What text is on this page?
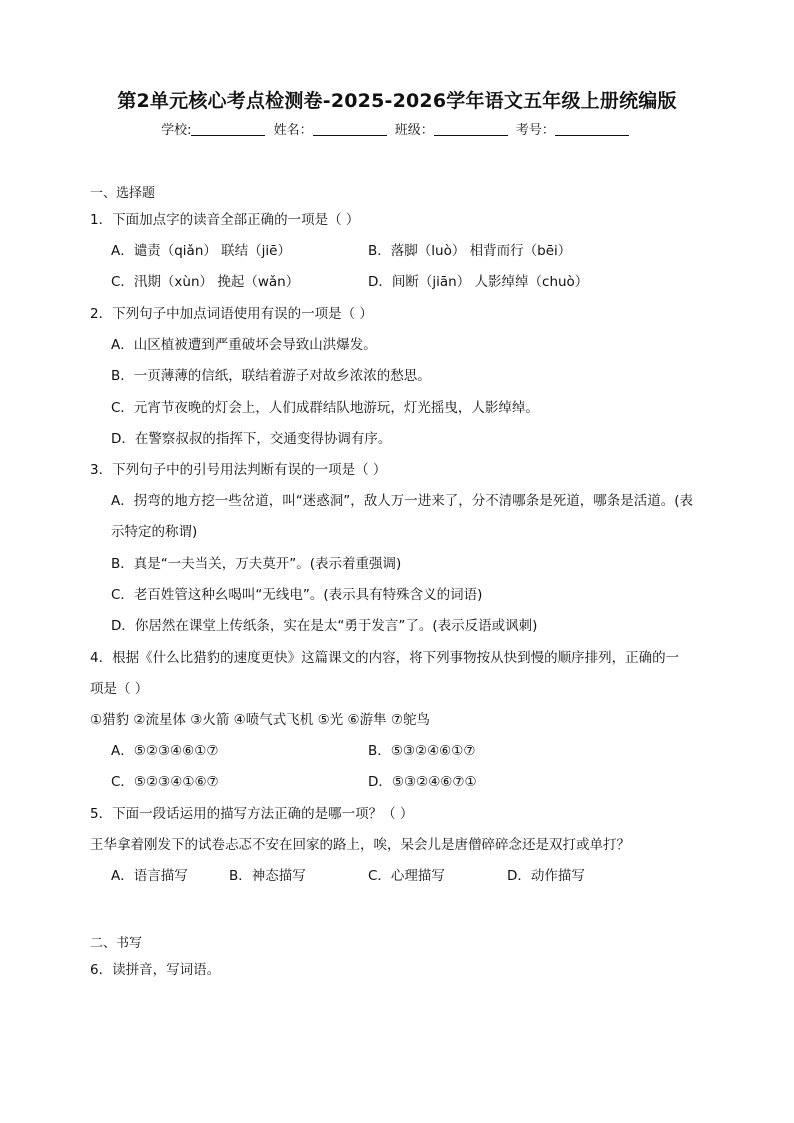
第2单元核心考点检测卷-2025-2026学年语文五年级上册统编版
学校:	姓名：	班级：	考号：
一、选择题
1．下面加点字的读音全部正确的一项是（ ）
A．谴责（qiǎn） 联结（jiē）	B．落脚（luò） 相背而行（bēi）
C．汛期（xùn） 挽起（wǎn）	D．间断（jiān） 人影绰绰（chuò）
2．下列句子中加点词语使用有误的一项是（ ）
A．山区植被遭到严重破坏会导致山洪爆发。
B．一页薄薄的信纸，联结着游子对故乡浓浓的愁思。
C．元宵节夜晚的灯会上，人们成群结队地游玩，灯光摇曳，人影绰绰。
D．在警察叔叔的指挥下，交通变得协调有序。
3．下列句子中的引号用法判断有误的一项是（ ）
A．拐弯的地方挖一些岔道，叫“迷惑洞”，敌人万一进来了，分不清哪条是死道，哪条是活道。(表
示特定的称谓)
B．真是“一夫当关，万夫莫开”。(表示着重强调)
C．老百姓管这种幺喝叫“无线电”。(表示具有特殊含义的词语)
D．你居然在课堂上传纸条，实在是太“勇于发言”了。(表示反语或讽刺)
4．根据《什么比猎豹的速度更快》这篇课文的内容，将下列事物按从快到慢的顺序排列，正确的一
项是（ ）
①猎豹 ②流星体 ③火箭 ④喷气式飞机 ⑤光 ⑥游隼 ⑦鸵鸟
A．⑤②③④⑥①⑦	B．⑤③②④⑥①⑦
C．⑤②③④①⑥⑦	D．⑤③②④⑥⑦①
5．下面一段话运用的描写方法正确的是哪一项？（ ）
王华拿着刚发下的试卷忐忑不安在回家的路上，唉，呆会儿是唐僧碎碎念还是双打或单打？
A．语言描写	B．神态描写	C．心理描写	D．动作描写
二、书写
6．读拼音，写词语。
